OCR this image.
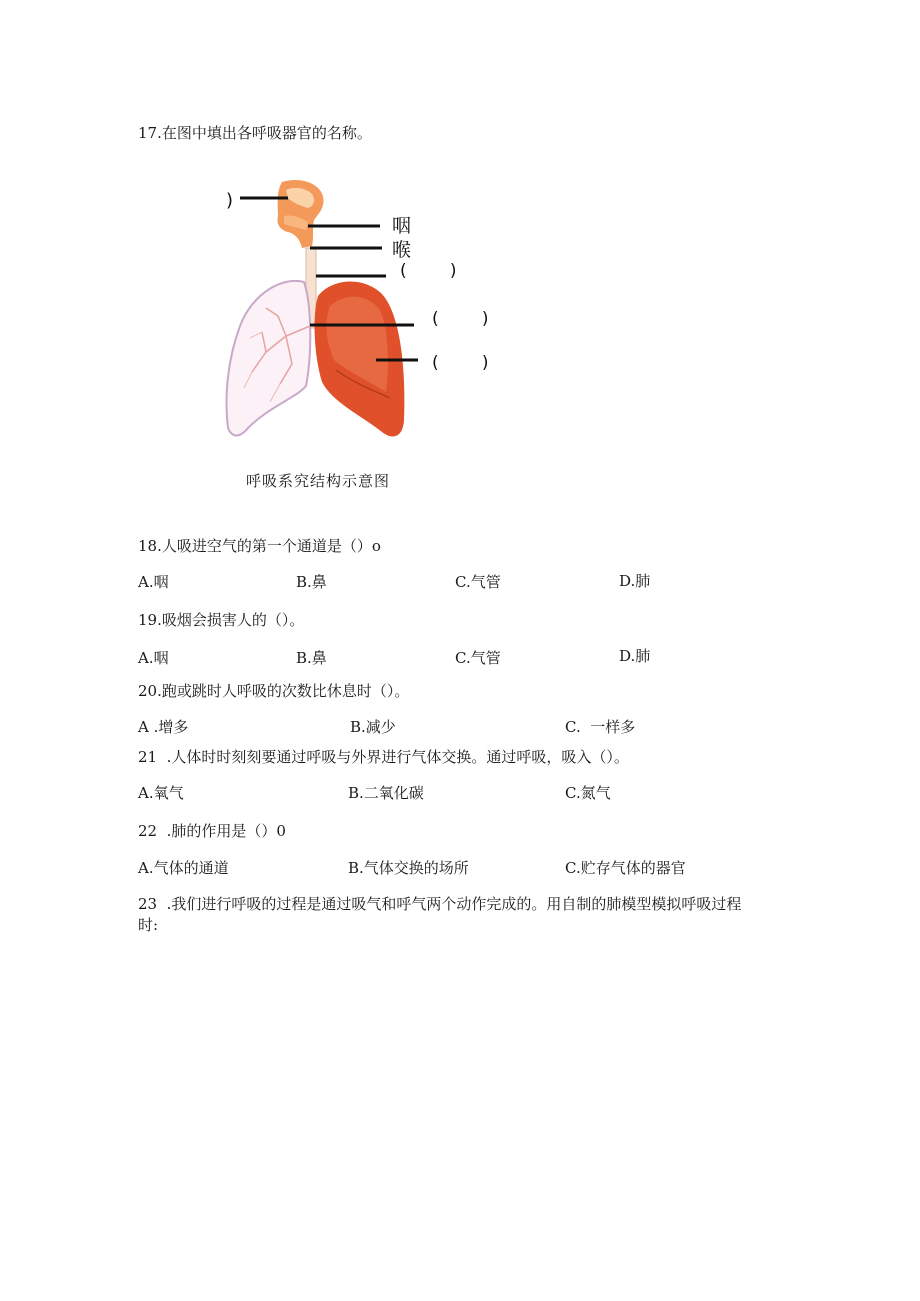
17.在图中填出各呼吸器官的名称。
)
咽
喉
(        )
(        )
(        )
呼吸系究结构示意图
18.人吸进空气的第一个通道是（）o
A.咽	B.鼻	C.气管	D.肺
19.吸烟会损害人的（）。
A.咽	B.鼻	C.气管	D.肺
20.跑或跳时人呼吸的次数比休息时（）。
A .增多	B.减少	C.  一样多
21  .人体时时刻刻要通过呼吸与外界进行气体交换。通过呼吸，吸入（）。
A.氧气	B.二氧化碳	C.氮气
22  .肺的作用是（）0
A.气体的通道	B.气体交换的场所	C.贮存气体的器官
23  .我们进行呼吸的过程是通过吸气和呼气两个动作完成的。用自制的肺模型模拟呼吸过程
时:
